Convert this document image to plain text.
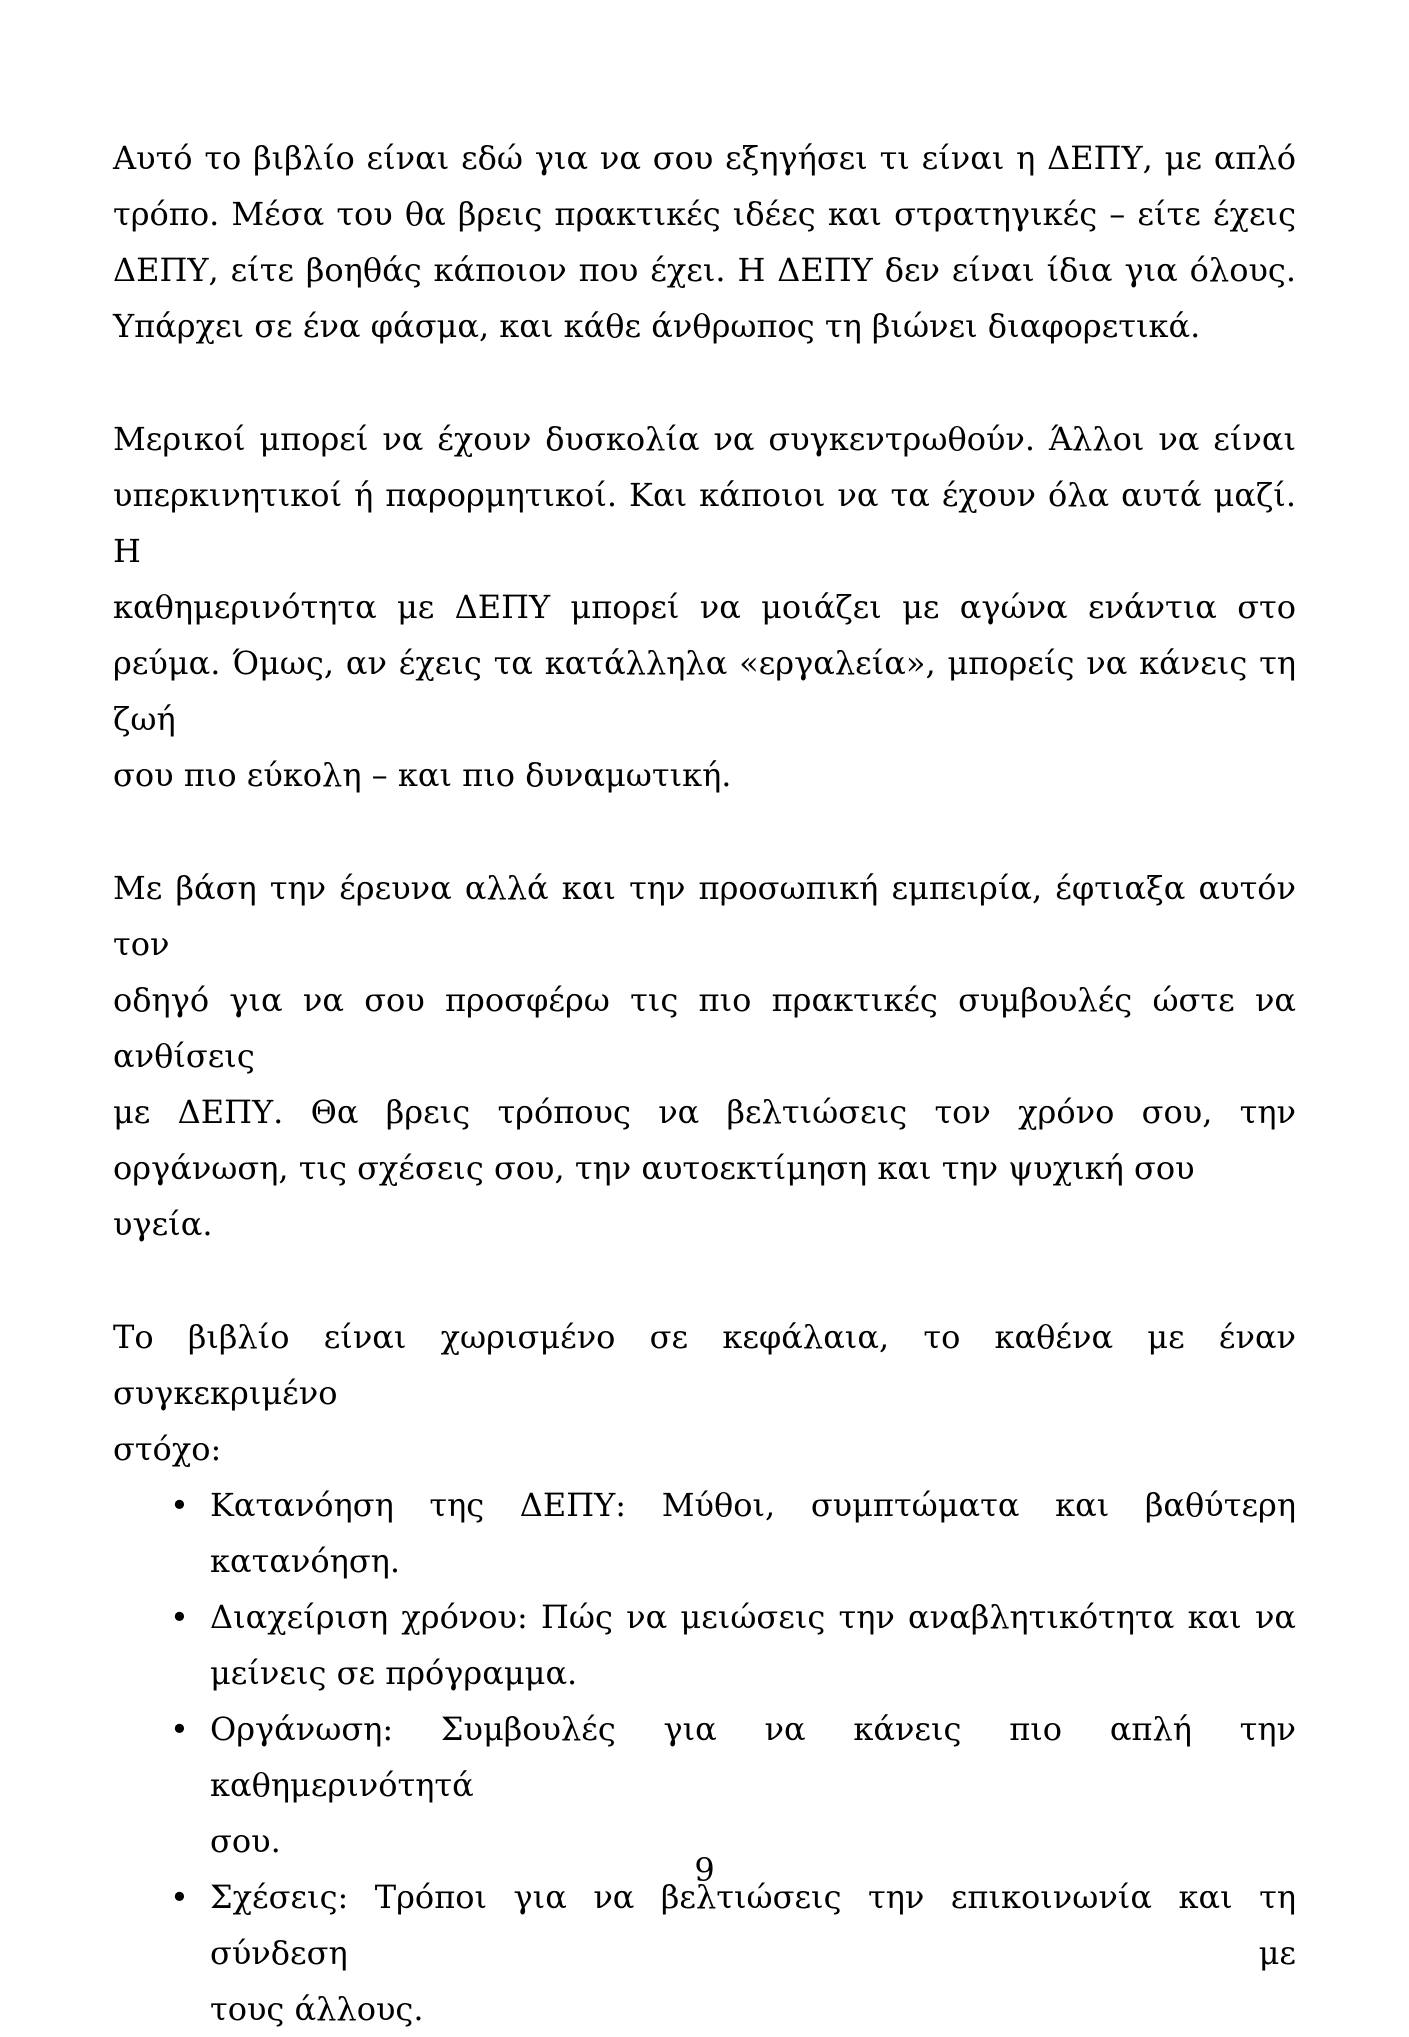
Αυτό το βιβλίο είναι εδώ για να σου εξηγήσει τι είναι η ΔΕΠΥ, με απλό
τρόπο. Μέσα του θα βρεις πρακτικές ιδέες και στρατηγικές – είτε έχεις
ΔΕΠΥ, είτε βοηθάς κάποιον που έχει. Η ΔΕΠΥ δεν είναι ίδια για όλους.
Υπάρχει σε ένα φάσμα, και κάθε άνθρωπος τη βιώνει διαφορετικά.
Μερικοί μπορεί να έχουν δυσκολία να συγκεντρωθούν. Άλλοι να είναι
υπερκινητικοί ή παρορμητικοί. Και κάποιοι να τα έχουν όλα αυτά μαζί. Η
καθημερινότητα με ΔΕΠΥ μπορεί να μοιάζει με αγώνα ενάντια στο
ρεύμα. Όμως, αν έχεις τα κατάλληλα «εργαλεία», μπορείς να κάνεις τη ζωή
σου πιο εύκολη – και πιο δυναμωτική.
Με βάση την έρευνα αλλά και την προσωπική εμπειρία, έφτιαξα αυτόν τον
οδηγό για να σου προσφέρω τις πιο πρακτικές συμβουλές ώστε να ανθίσεις
με ΔΕΠΥ. Θα βρεις τρόπους να βελτιώσεις τον χρόνο σου, την
οργάνωση, τις σχέσεις σου, την αυτοεκτίμηση και την ψυχική σου υγεία.
Το βιβλίο είναι χωρισμένο σε κεφάλαια, το καθένα με έναν συγκεκριμένο
στόχο:
• Κατανόηση της ΔΕΠΥ: Μύθοι, συμπτώματα και βαθύτερη
κατανόηση.
• Διαχείριση χρόνου: Πώς να μειώσεις την αναβλητικότητα και να
μείνεις σε πρόγραμμα.
• Οργάνωση: Συμβουλές για να κάνεις πιο απλή την καθημερινότητά
σου.
• Σχέσεις: Τρόποι για να βελτιώσεις την επικοινωνία και τη σύνδεση με
τους άλλους.
9
